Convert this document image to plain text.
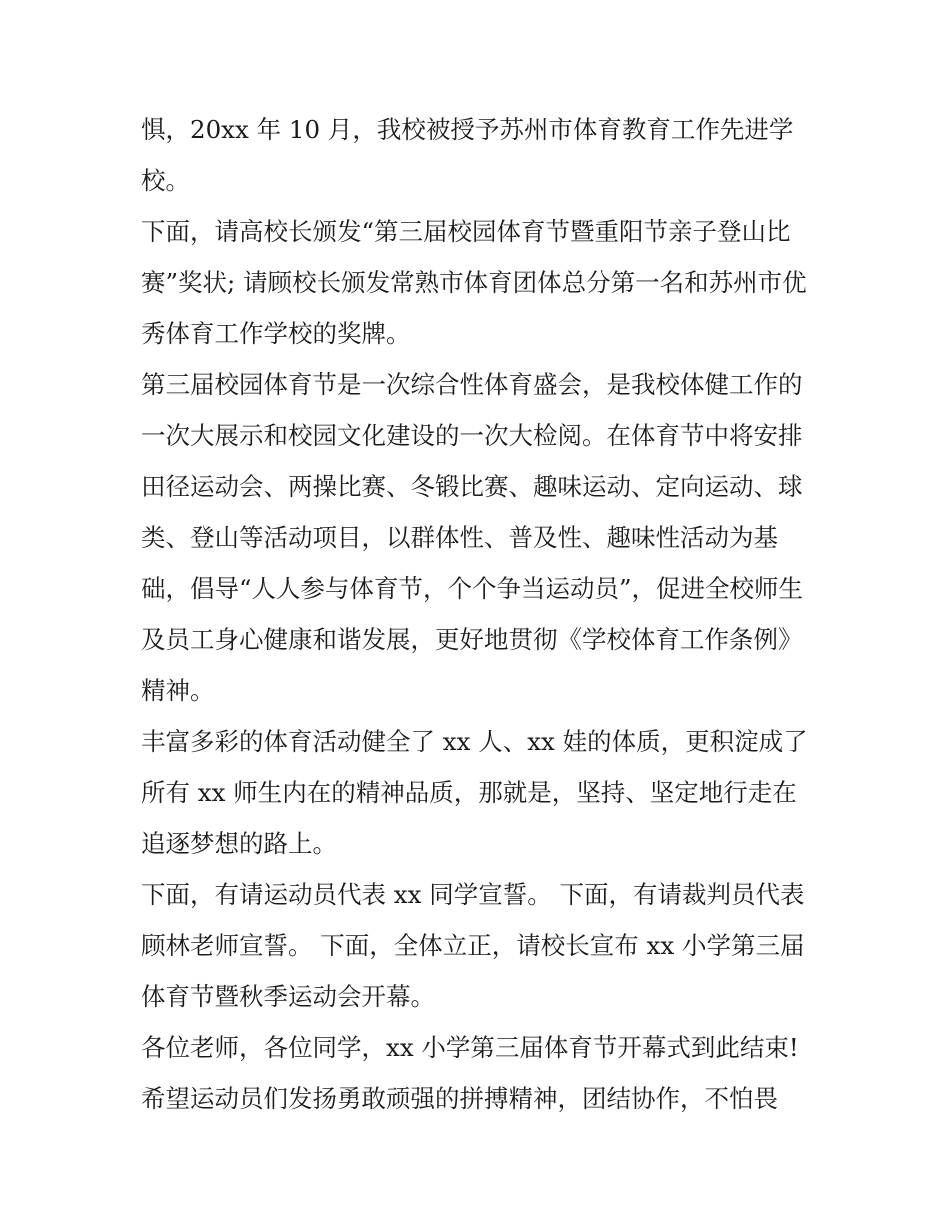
惧，20xx 年 10 月，我校被授予苏州市体育教育工作先进学
校。
下面，请高校长颁发“第三届校园体育节暨重阳节亲子登山比
赛”奖状; 请顾校长颁发常熟市体育团体总分第一名和苏州市优
秀体育工作学校的奖牌。
第三届校园体育节是一次综合性体育盛会，是我校体健工作的
一次大展示和校园文化建设的一次大检阅。在体育节中将安排
田径运动会、两操比赛、冬锻比赛、趣味运动、定向运动、球
类、登山等活动项目，以群体性、普及性、趣味性活动为基
础，倡导“人人参与体育节，个个争当运动员”，促进全校师生
及员工身心健康和谐发展，更好地贯彻《学校体育工作条例》
精神。
丰富多彩的体育活动健全了 xx 人、xx 娃的体质，更积淀成了
所有 xx 师生内在的精神品质，那就是，坚持、坚定地行走在
追逐梦想的路上。
下面，有请运动员代表 xx 同学宣誓。 下面，有请裁判员代表
顾林老师宣誓。 下面，全体立正，请校长宣布 xx 小学第三届
体育节暨秋季运动会开幕。
各位老师，各位同学，xx 小学第三届体育节开幕式到此结束!
希望运动员们发扬勇敢顽强的拼搏精神，团结协作，不怕畏
